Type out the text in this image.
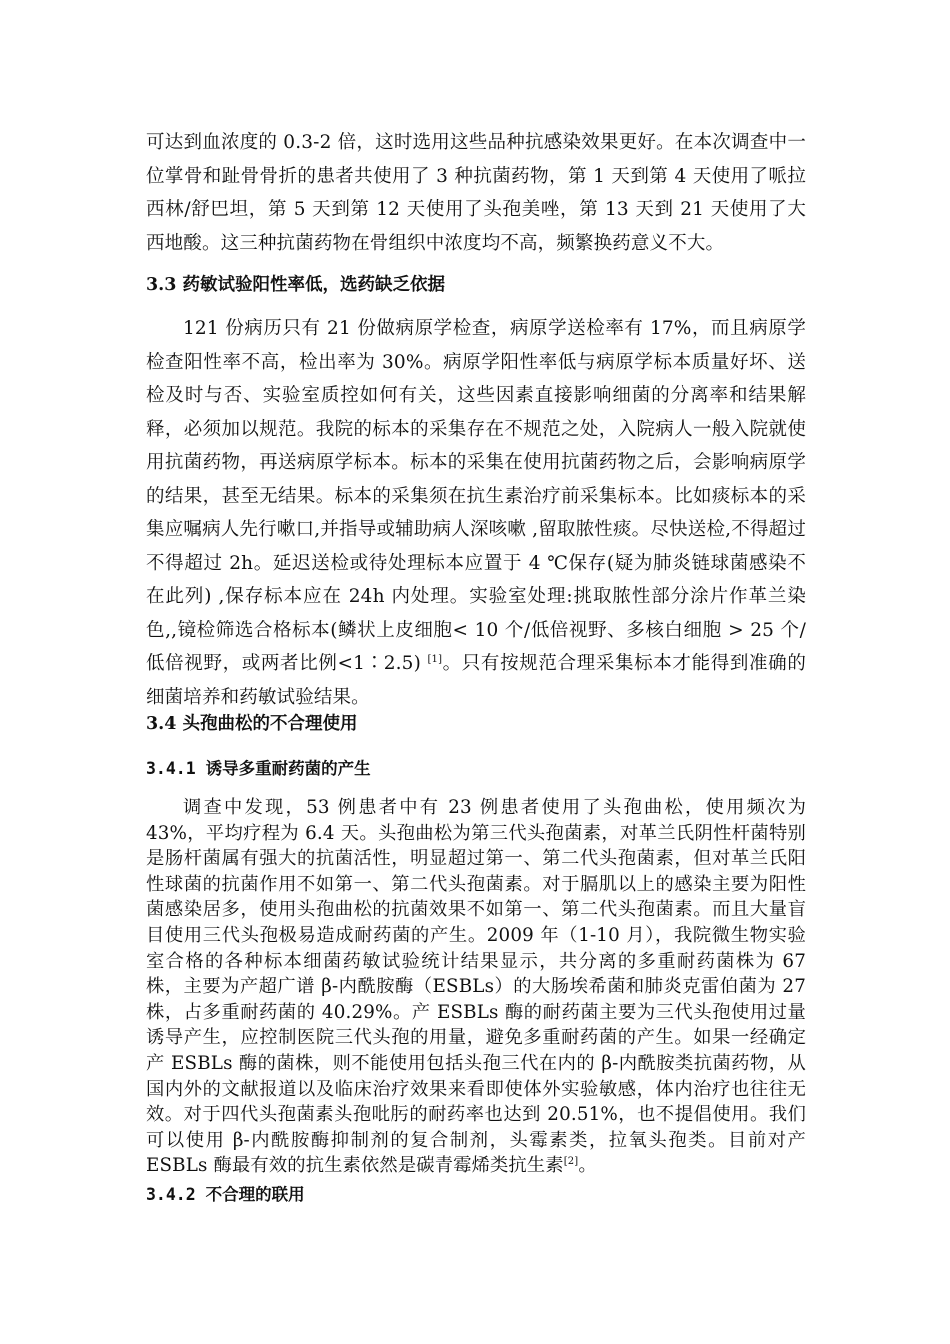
可达到血浓度的 0.3-2 倍，这时选用这些品种抗感染效果更好。在本次调查中一位掌骨和趾骨骨折的患者共使用了 3 种抗菌药物，第 1 天到第 4 天使用了哌拉西林/舒巴坦，第 5 天到第 12 天使用了头孢美唑，第 13 天到 21 天使用了大西地酸。这三种抗菌药物在骨组织中浓度均不高，频繁换药意义不大。

3.3 药敏试验阳性率低，选药缺乏依据

121 份病历只有 21 份做病原学检查，病原学送检率有 17%，而且病原学检查阳性率不高，检出率为 30%。病原学阳性率低与病原学标本质量好坏、送检及时与否、实验室质控如何有关，这些因素直接影响细菌的分离率和结果解释，必须加以规范。我院的标本的采集存在不规范之处，入院病人一般入院就使用抗菌药物，再送病原学标本。标本的采集在使用抗菌药物之后，会影响病原学的结果，甚至无结果。标本的采集须在抗生素治疗前采集标本。比如痰标本的采集应嘱病人先行嗽口,并指导或辅助病人深咳嗽 ,留取脓性痰。尽快送检,不得超过不得超过 2h。延迟送检或待处理标本应置于 4 ℃保存(疑为肺炎链球菌感染不在此列) ,保存标本应在 24h 内处理。实验室处理:挑取脓性部分涂片作革兰染色,,镜检筛选合格标本(鳞状上皮细胞< 10 个/低倍视野、多核白细胞 > 25 个/低倍视野，或两者比例<1∶2.5) [1]。只有按规范合理采集标本才能得到准确的细菌培养和药敏试验结果。

3.4 头孢曲松的不合理使用
3.4.1 诱导多重耐药菌的产生

调查中发现，53 例患者中有 23 例患者使用了头孢曲松，使用频次为 43%，平均疗程为 6.4 天。头孢曲松为第三代头孢菌素，对革兰氏阴性杆菌特别是肠杆菌属有强大的抗菌活性，明显超过第一、第二代头孢菌素，但对革兰氏阳性球菌的抗菌作用不如第一、第二代头孢菌素。对于膈肌以上的感染主要为阳性菌感染居多，使用头孢曲松的抗菌效果不如第一、第二代头孢菌素。而且大量盲目使用三代头孢极易造成耐药菌的产生。2009 年（1-10 月），我院微生物实验室合格的各种标本细菌药敏试验统计结果显示，共分离的多重耐药菌株为 67 株，主要为产超广谱 β-内酰胺酶（ESBLs）的大肠埃希菌和肺炎克雷伯菌为 27 株，占多重耐药菌的 40.29%。产 ESBLs 酶的耐药菌主要为三代头孢使用过量诱导产生，应控制医院三代头孢的用量，避免多重耐药菌的产生。如果一经确定产 ESBLs 酶的菌株，则不能使用包括头孢三代在内的 β-内酰胺类抗菌药物，从国内外的文献报道以及临床治疗效果来看即使体外实验敏感，体内治疗也往往无效。对于四代头孢菌素头孢吡肟的耐药率也达到 20.51%，也不提倡使用。我们可以使用 β-内酰胺酶抑制剂的复合制剂，头霉素类，拉氧头孢类。目前对产 ESBLs 酶最有效的抗生素依然是碳青霉烯类抗生素[2]。

3.4.2 不合理的联用
